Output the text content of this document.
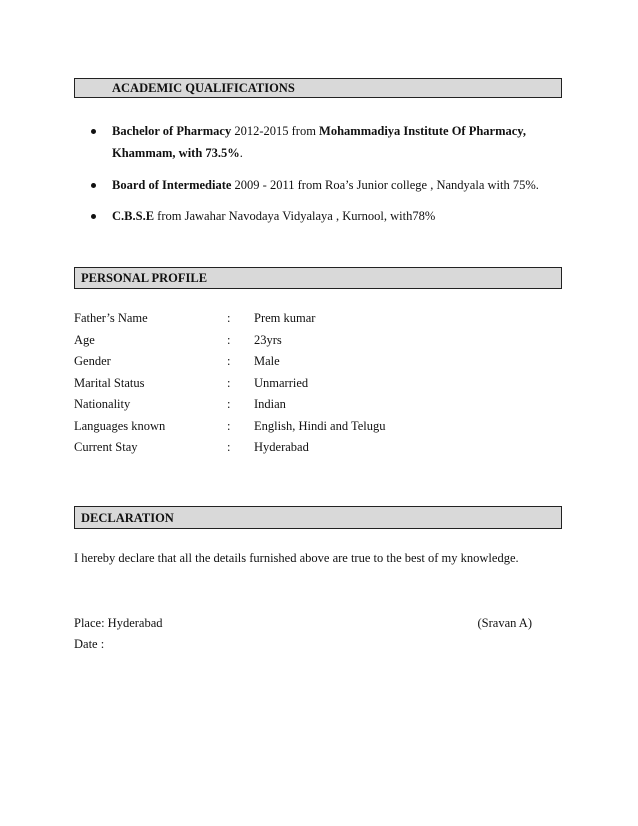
ACADEMIC QUALIFICATIONS
Bachelor of Pharmacy 2012-2015 from Mohammadiya Institute Of Pharmacy,
Khammam, with 73.5%.
Board of Intermediate 2009 - 2011 from Roa’s Junior college , Nandyala with 75%.
C.B.S.E from Jawahar Navodaya Vidyalaya , Kurnool, with78%
PERSONAL PROFILE
Father’s Name	: Prem kumar
Age	: 23yrs
Gender	: Male
Marital Status	: Unmarried
Nationality	: Indian
Languages known	: English, Hindi and Telugu
Current Stay	: Hyderabad
DECLARATION
I hereby declare that all the details furnished above are true to the best of my knowledge.
Place: Hyderabad	(Sravan A)
Date :
